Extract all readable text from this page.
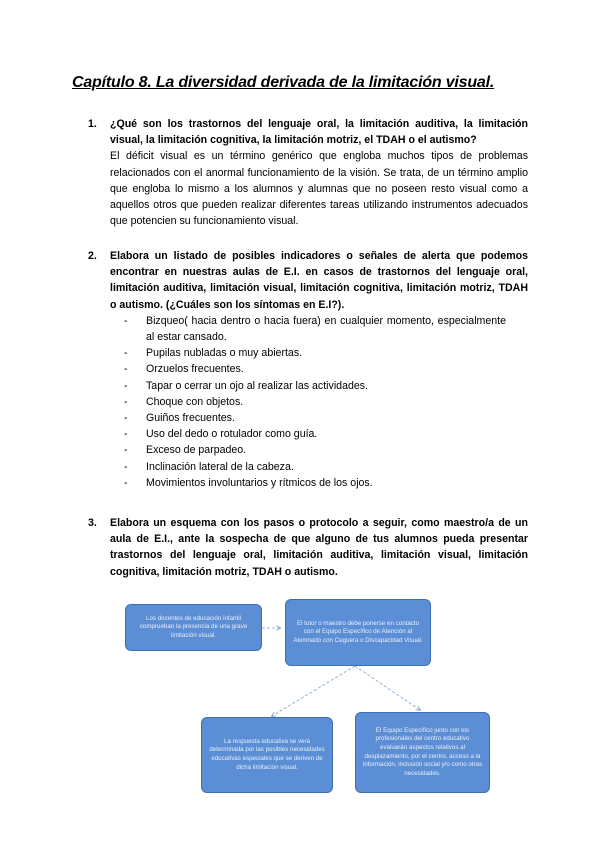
Capítulo 8. La diversidad derivada de la limitación visual.
1. ¿Qué son los trastornos del lenguaje oral, la limitación auditiva, la limitación visual, la limitación cognitiva, la limitación motriz, el TDAH o el autismo?
El déficit visual es un término genérico que engloba muchos tipos de problemas relacionados con el anormal funcionamiento de la visión. Se trata, de un término amplio que engloba lo mismo a los alumnos y alumnas que no poseen resto visual como a aquellos otros que pueden realizar diferentes tareas utilizando instrumentos adecuados que potencien su funcionamiento visual.
2. Elabora un listado de posibles indicadores o señales de alerta que podemos encontrar en nuestras aulas de E.I. en casos de trastornos del lenguaje oral, limitación auditiva, limitación visual, limitación cognitiva, limitación motriz, TDAH o autismo. (¿Cuáles son los síntomas en E.I?).
- Bizqueo( hacia dentro o hacia fuera) en cualquier momento, especialmente al estar cansado.
- Pupilas nubladas o muy abiertas.
- Orzuelos frecuentes.
- Tapar o cerrar un ojo al realizar las actividades.
- Choque con objetos.
- Guiños frecuentes.
- Uso del dedo o rotulador como guía.
- Exceso de parpadeo.
- Inclinación lateral de la cabeza.
- Movimientos involuntarios y rítmicos de los ojos.
3. Elabora un esquema con los pasos o protocolo a seguir, como maestro/a de un aula de E.I., ante la sospecha de que alguno de tus alumnos pueda presentar trastornos del lenguaje oral, limitación auditiva, limitación visual, limitación cognitiva, limitación motriz, TDAH o autismo.
Los docentes de educación infantil comprueban la presencia de una grave limitación visual.
El tutor o maestro debe ponerse en contacto con el Equipo Específico de Atención al Alumnado con Ceguera o Discapacidad Visual.
La respuesta educativa se verá determinada por las posibles necesidades educativas especiales que se deriven de dicha limitación visual.
El Equipo Específico junto con los profesionales del centro educativo evaluarán aspectos relativos al desplazamiento, por el centro, acceso a la información, inclusión social y/o como otras necesidades.
